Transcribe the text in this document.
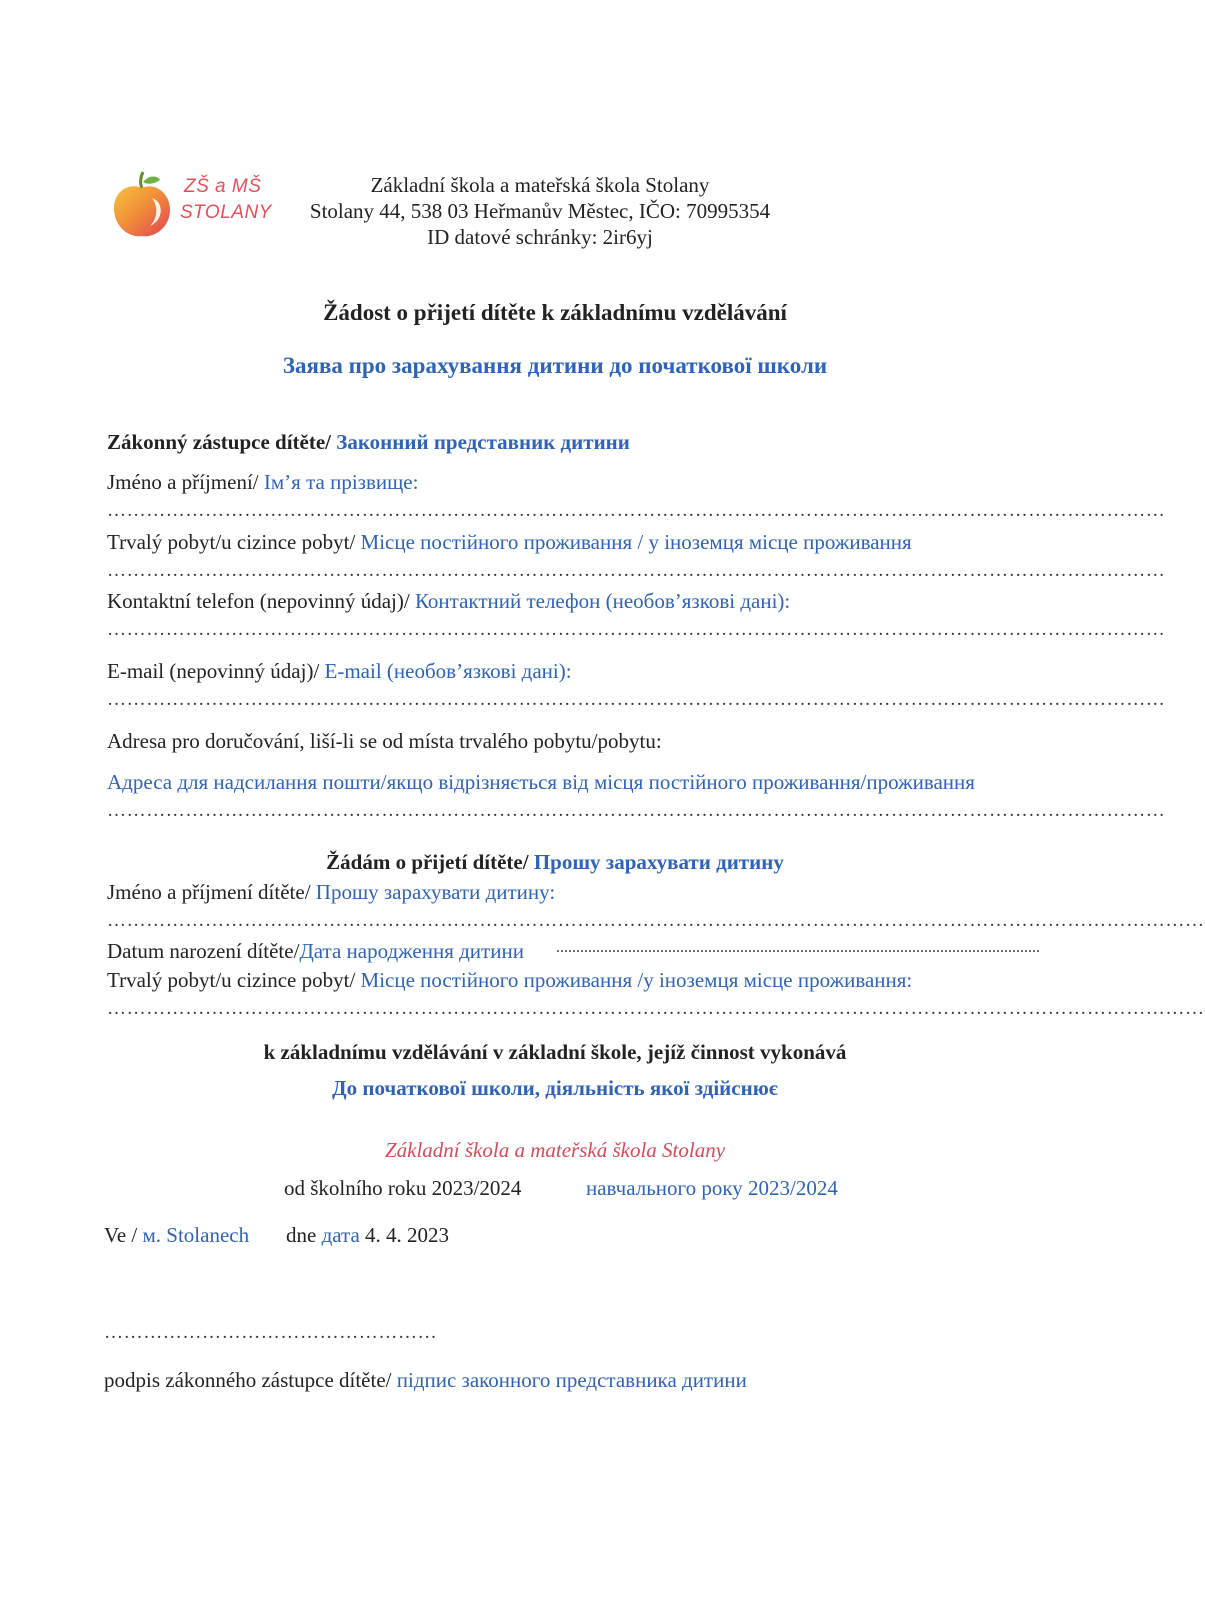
ZŠ a MŠ
STOLANY
Základní škola a mateřská škola Stolany
Stolany 44, 538 03 Heřmanův Městec, IČO: 70995354
ID datové schránky: 2ir6yj
Žádost o přijetí dítěte k základnímu vzdělávání
Заява про зарахування дитини до початкової школи
Zákonný zástupce dítěte/ Законний представник дитини
Jméno a příjmení/ Ім’я та прізвище:
………………………………………………………………………………………………………………………………………………
Trvalý pobyt/u cizince pobyt/ Місце постійного проживання / у іноземця місце проживання
………………………………………………………………………………………………………………………………………………
Kontaktní telefon (nepovinný údaj)/ Контактний телефон (необов’язкові дані):
………………………………………………………………………………………………………………………………………………
E-mail (nepovinný údaj)/ E-mail (необов’язкові дані):
………………………………………………………………………………………………………………………………………………
Adresa pro doručování, liší-li se od místa trvalého pobytu/pobytu:
Адреса для надсилання пошти/якщо відрізняється від місця постійного проживання/проживання
………………………………………………………………………………………………………………………………………………
Žádám o přijetí dítěte/ Прошу зарахувати дитину
Jméno a příjmení dítěte/ Прошу зарахувати дитину:
……………………………………………………………………………………………………………………………………………………
Datum narození dítěte/Дата народження дитини .........................................................................................................................
Trvalý pobyt/u cizince pobyt/ Місце постійного проживання /у іноземця місце проживання:
……………………………………………………………………………………………………………………………………………………
k základnímu vzdělávání v základní škole, jejíž činnost vykonává
До початкової школи, діяльність якої здійснює
Základní škola a mateřská škola Stolany
od školního roku 2023/2024	навчального року 2023/2024
Ve / м. Stolanech dne дата 4. 4. 2023
……………………………………………
podpis zákonného zástupce dítěte/ підпис законного представника дитини
